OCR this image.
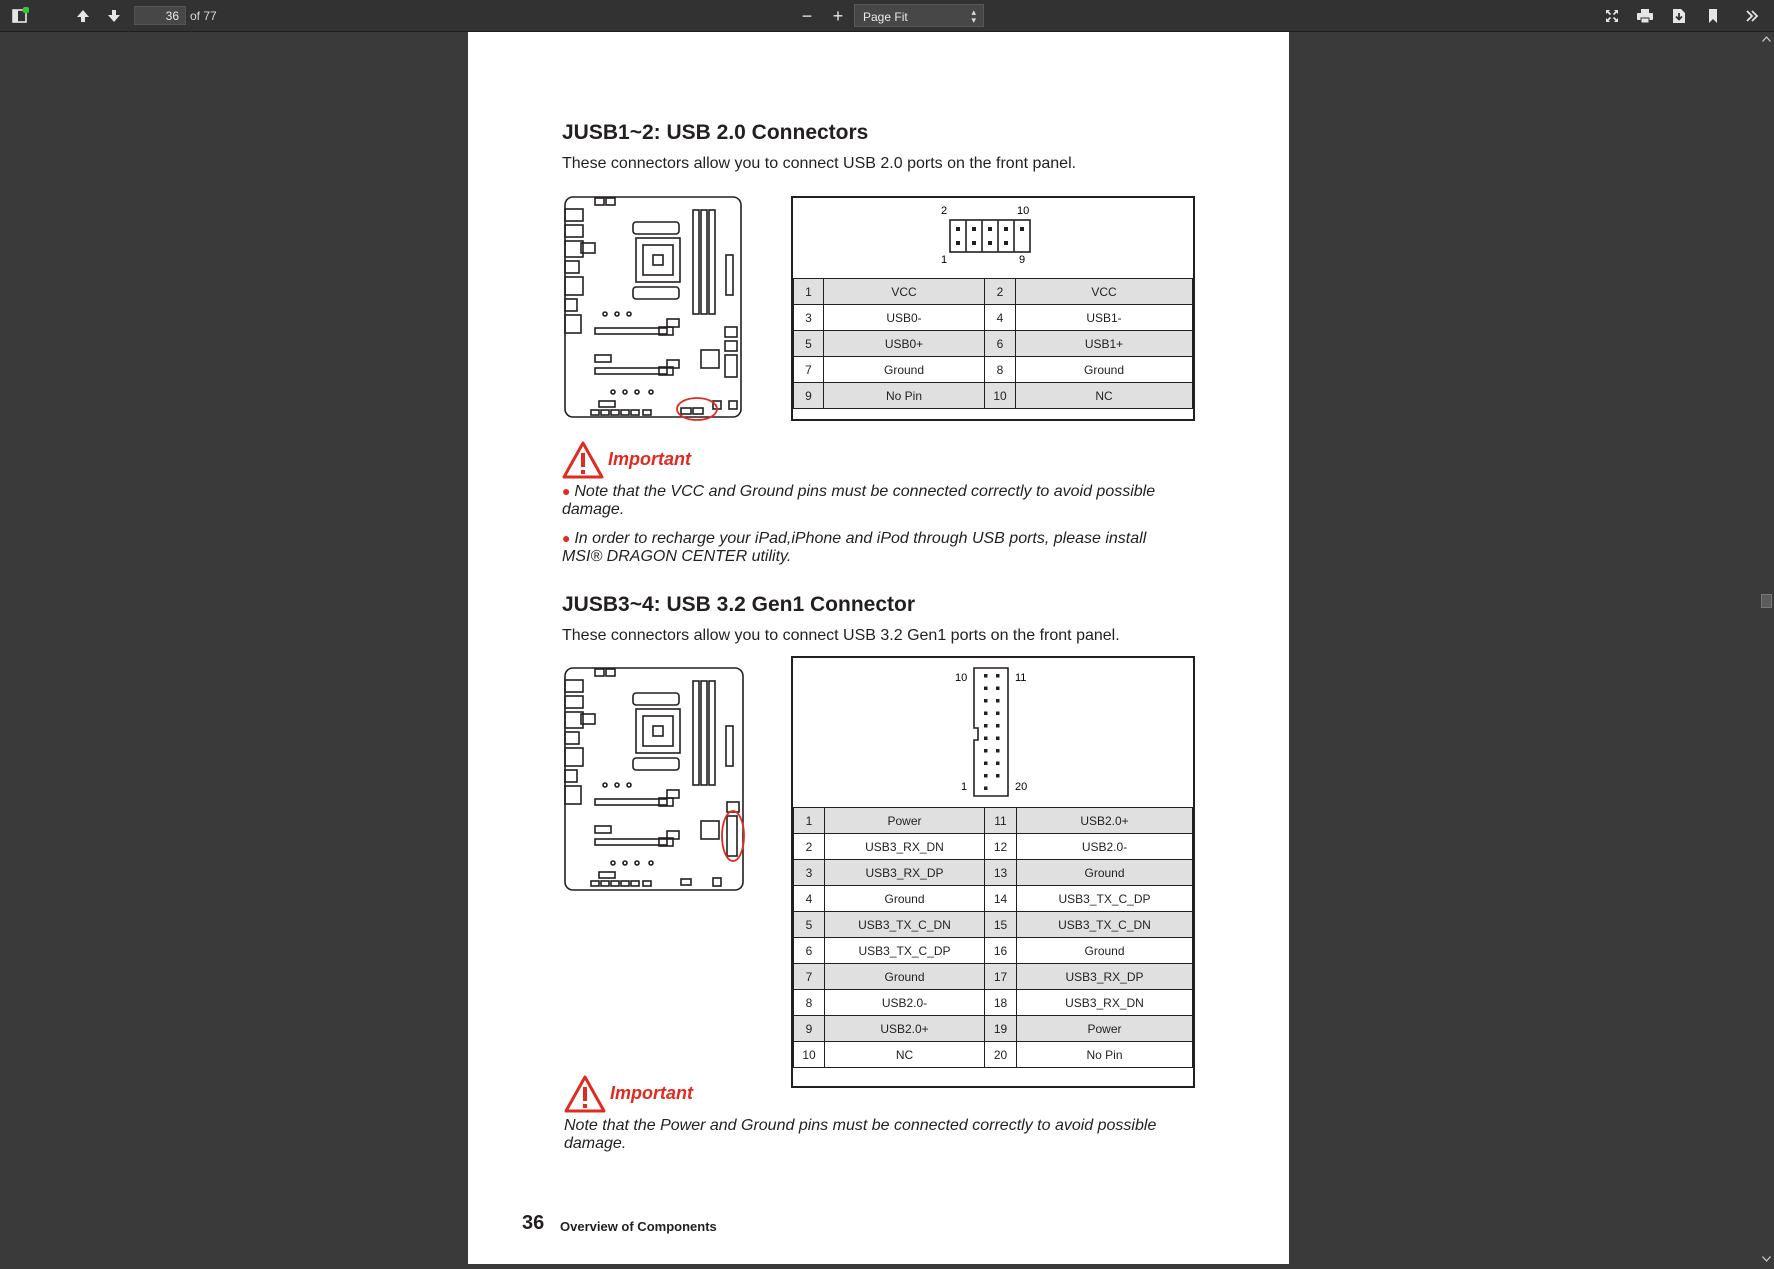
36 of 77	−	+	Page Fit	▴
▾
JUSB1~2: USB 2.0 Connectors
These connectors allow you to connect USB 2.0 ports on the front panel.
2	10
1	9
1	VCC	2	VCC
3	USB0-	4	USB1-
5	USB0+	6	USB1+
7	Ground	8	Ground
9	No Pin	10	NC
Important
● Note that the VCC and Ground pins must be connected correctly to avoid possible damage.
● In order to recharge your iPad,iPhone and iPod through USB ports, please install MSI® DRAGON CENTER utility.
JUSB3~4: USB 3.2 Gen1 Connector
These connectors allow you to connect USB 3.2 Gen1 ports on the front panel.
10	11
1	20
1	Power	11	USB2.0+
2	USB3_RX_DN	12	USB2.0-
3	USB3_RX_DP	13	Ground
4	Ground	14	USB3_TX_C_DP
5	USB3_TX_C_DN	15	USB3_TX_C_DN
6	USB3_TX_C_DP	16	Ground
7	Ground	17	USB3_RX_DP
8	USB2.0-	18	USB3_RX_DN
9	USB2.0+	19	Power
10	NC	20	No Pin
Important
Note that the Power and Ground pins must be connected correctly to avoid possible damage.
36 Overview of Components
